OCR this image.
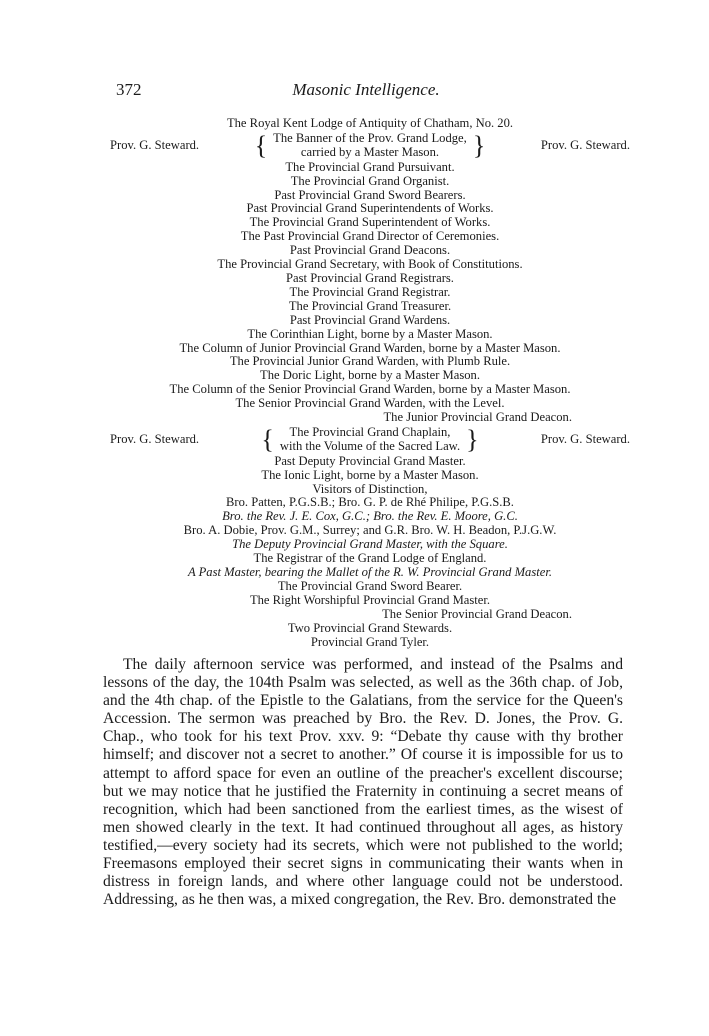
372	Masonic Intelligence.
The Royal Kent Lodge of Antiquity of Chatham, No. 20.
Prov. G. Steward.	{ The Banner of the Prov. Grand Lodge,
carried by a Master Mason.	}	Prov. G. Steward.
The Provincial Grand Pursuivant.
The Provincial Grand Organist.
Past Provincial Grand Sword Bearers.
Past Provincial Grand Superintendents of Works.
The Provincial Grand Superintendent of Works.
The Past Provincial Grand Director of Ceremonies.
Past Provincial Grand Deacons.
The Provincial Grand Secretary, with Book of Constitutions.
Past Provincial Grand Registrars.
The Provincial Grand Registrar.
The Provincial Grand Treasurer.
Past Provincial Grand Wardens.
The Corinthian Light, borne by a Master Mason.
The Column of Junior Provincial Grand Warden, borne by a Master Mason.
The Provincial Junior Grand Warden, with Plumb Rule.
The Doric Light, borne by a Master Mason.
The Column of the Senior Provincial Grand Warden, borne by a Master Mason.
The Senior Provincial Grand Warden, with the Level.
The Junior Provincial Grand Deacon.
Prov. G. Steward.	{	The Provincial Grand Chaplain,
with the Volume of the Sacred Law. }	Prov. G. Steward.
Past Deputy Provincial Grand Master.
The Ionic Light, borne by a Master Mason.
Visitors of Distinction,
Bro. Patten, P.G.S.B.; Bro. G. P. de Rhé Philipe, P.G.S.B.
Bro. the Rev. J. E. Cox, G.C.; Bro. the Rev. E. Moore, G.C.
Bro. A. Dobie, Prov. G.M., Surrey; and G.R. Bro. W. H. Beadon, P.J.G.W.
The Deputy Provincial Grand Master, with the Square.
The Registrar of the Grand Lodge of England.
A Past Master, bearing the Mallet of the R. W. Provincial Grand Master.
The Provincial Grand Sword Bearer.
The Right Worshipful Provincial Grand Master.
The Senior Provincial Grand Deacon.
Two Provincial Grand Stewards.
Provincial Grand Tyler.

The daily afternoon service was performed, and instead of the Psalms and lessons of the day, the 104th Psalm was selected, as well as the 36th chap. of Job, and the 4th chap. of the Epistle to the Galatians, from the service for the Queen's Accession. The sermon was preached by Bro. the Rev. D. Jones, the Prov. G. Chap., who took for his text Prov. xxv. 9: “Debate thy cause with thy brother himself; and discover not a secret to another.” Of course it is impossible for us to attempt to afford space for even an outline of the preacher's excellent discourse; but we may notice that he justified the Fraternity in continuing a secret means of recognition, which had been sanctioned from the earliest times, as the wisest of men showed clearly in the text. It had continued throughout all ages, as history testified,—every society had its secrets, which were not published to the world; Freemasons employed their secret signs in communicating their wants when in distress in foreign lands, and where other language could not be understood. Addressing, as he then was, a mixed congregation, the Rev. Bro. demonstrated the
